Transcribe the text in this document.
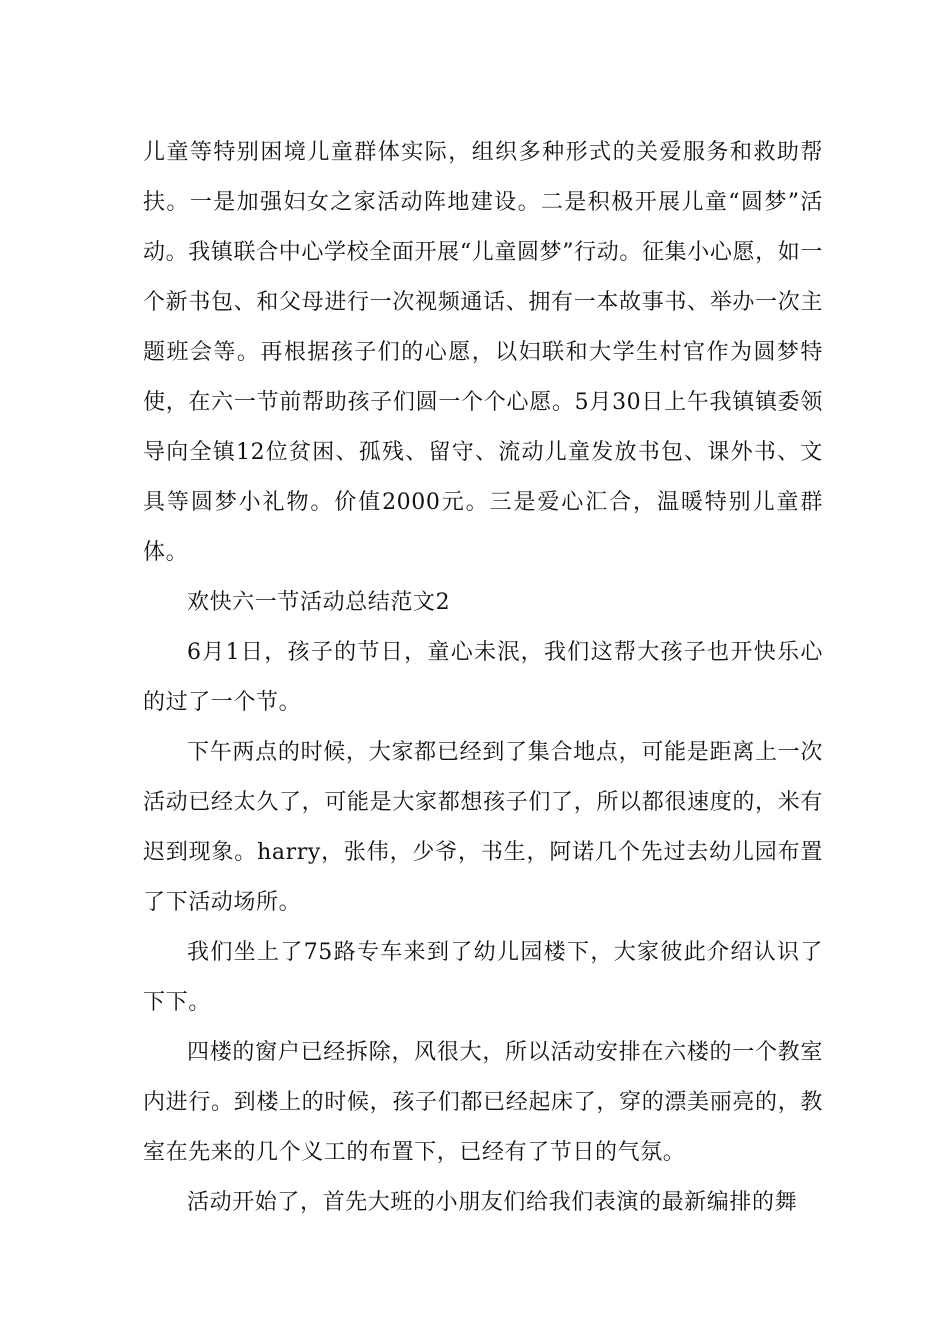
儿童等特别困境儿童群体实际，组织多种形式的关爱服务和救助帮扶。一是加强妇女之家活动阵地建设。二是积极开展儿童“圆梦”活动。我镇联合中心学校全面开展“儿童圆梦”行动。征集小心愿，如一个新书包、和父母进行一次视频通话、拥有一本故事书、举办一次主题班会等。再根据孩子们的心愿，以妇联和大学生村官作为圆梦特使，在六一节前帮助孩子们圆一个个心愿。5月30日上午我镇镇委领导向全镇12位贫困、孤残、留守、流动儿童发放书包、课外书、文具等圆梦小礼物。价值2000元。三是爱心汇合，温暖特别儿童群体。

欢快六一节活动总结范文2

6月1日，孩子的节日，童心未泯，我们这帮大孩子也开快乐心的过了一个节。

下午两点的时候，大家都已经到了集合地点，可能是距离上一次活动已经太久了，可能是大家都想孩子们了，所以都很速度的，米有迟到现象。harry，张伟，少爷，书生，阿诺几个先过去幼儿园布置了下活动场所。

我们坐上了75路专车来到了幼儿园楼下，大家彼此介绍认识了下下。

四楼的窗户已经拆除，风很大，所以活动安排在六楼的一个教室内进行。到楼上的时候，孩子们都已经起床了，穿的漂美丽亮的，教室在先来的几个义工的布置下，已经有了节日的气氛。

活动开始了，首先大班的小朋友们给我们表演的最新编排的舞
